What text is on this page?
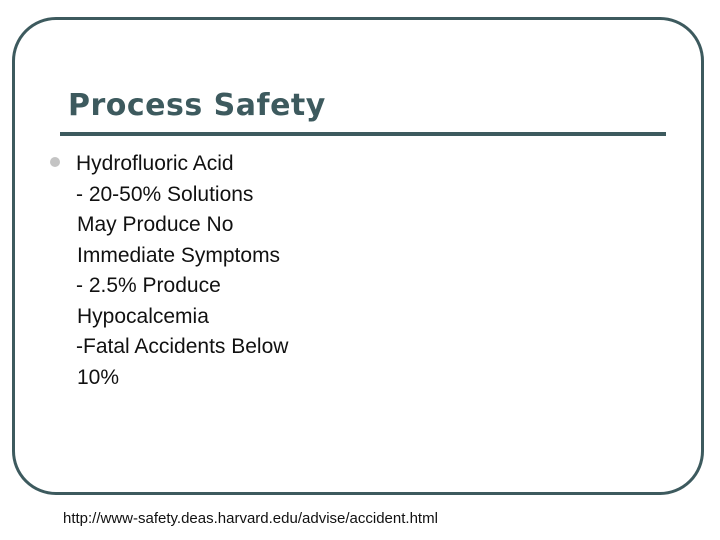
Process Safety
Hydrofluoric Acid
- 20-50% Solutions
May Produce No
Immediate Symptoms
- 2.5% Produce
Hypocalcemia
-Fatal Accidents Below
10%
http://www-safety.deas.harvard.edu/advise/accident.html
